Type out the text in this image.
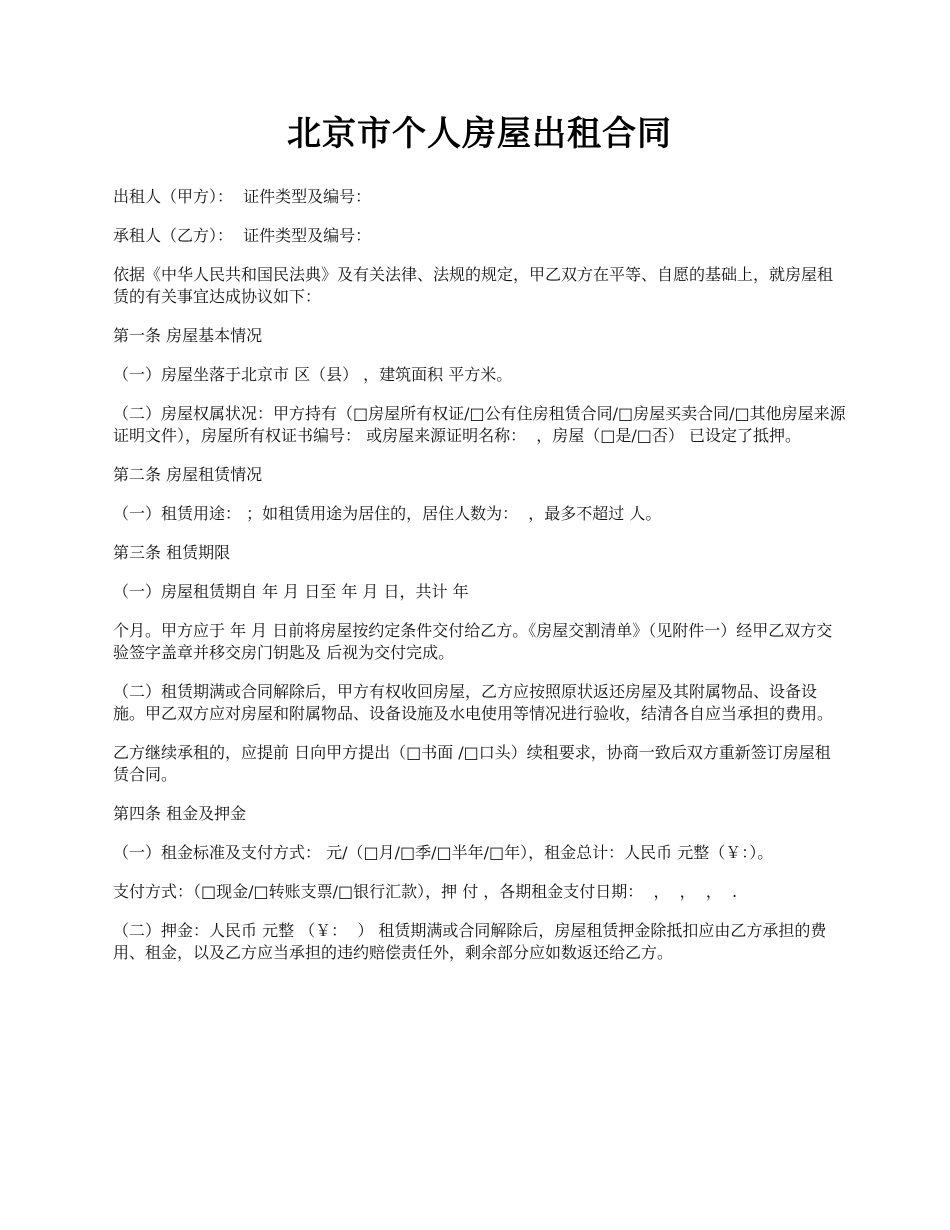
北京市个人房屋出租合同

出租人（甲方）：  证件类型及编号：

承租人（乙方）：  证件类型及编号：

依据《中华人民共和国民法典》及有关法律、法规的规定，甲乙双方在平等、自愿的基础上，就房屋租赁的有关事宜达成协议如下：

第一条 房屋基本情况

（一）房屋坐落于北京市 区（县） ，建筑面积 平方米。

（二）房屋权属状况：甲方持有（□房屋所有权证/□公有住房租赁合同/□房屋买卖合同/□其他房屋来源证明文件），房屋所有权证书编号： 或房屋来源证明名称：  ，房屋（□是/□否） 已设定了抵押。

第二条 房屋租赁情况

（一）租赁用途： ；如租赁用途为居住的，居住人数为：  ，最多不超过 人。

第三条 租赁期限

（一）房屋租赁期自 年 月 日至 年 月 日，共计 年

个月。甲方应于 年 月 日前将房屋按约定条件交付给乙方。《房屋交割清单》（见附件一）经甲乙双方交验签字盖章并移交房门钥匙及 后视为交付完成。

（二）租赁期满或合同解除后，甲方有权收回房屋，乙方应按照原状返还房屋及其附属物品、设备设施。甲乙双方应对房屋和附属物品、设备设施及水电使用等情况进行验收，结清各自应当承担的费用。

乙方继续承租的，应提前 日向甲方提出（□书面 /□口头）续租要求，协商一致后双方重新签订房屋租赁合同。

第四条 租金及押金

（一）租金标准及支付方式： 元/（□月/□季/□半年/□年），租金总计：人民币 元整（￥：）。

支付方式：（□现金/□转账支票/□银行汇款），押 付 ，各期租金支付日期：  ，  ，  ，  .

（二）押金：人民币 元整 （￥：  ） 租赁期满或合同解除后，房屋租赁押金除抵扣应由乙方承担的费用、租金，以及乙方应当承担的违约赔偿责任外，剩余部分应如数返还给乙方。
